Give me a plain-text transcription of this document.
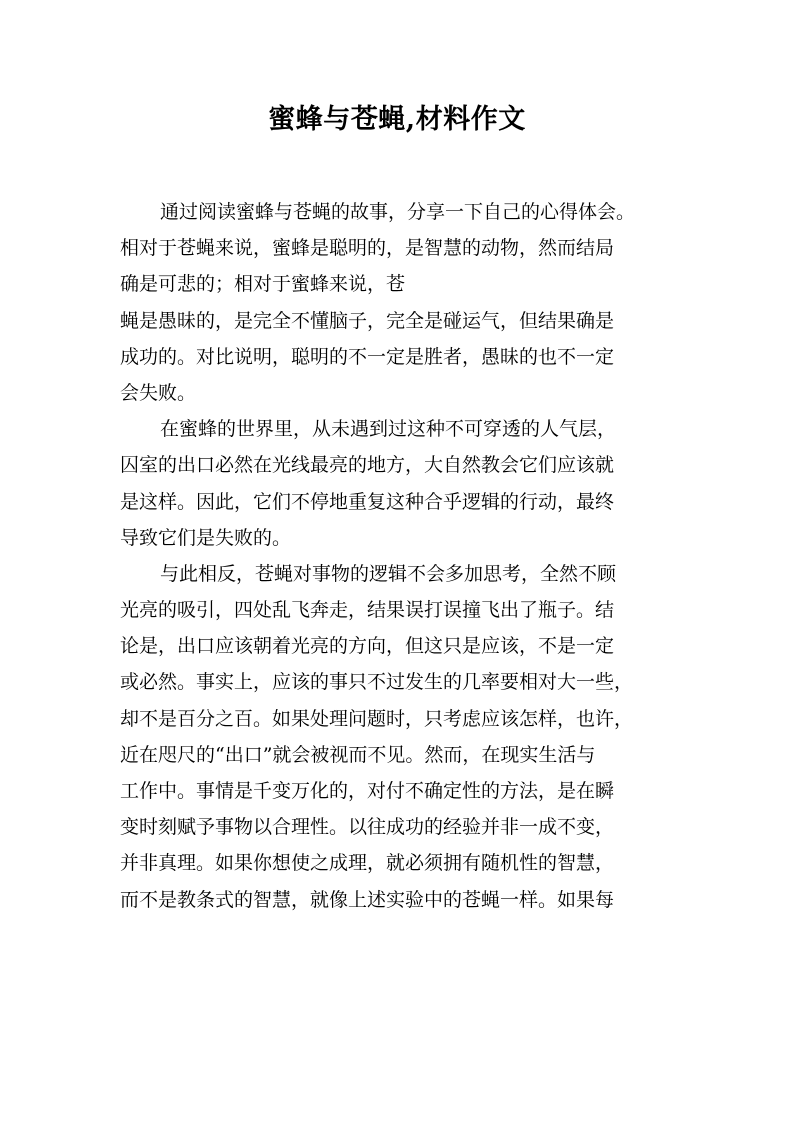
蜜蜂与苍蝇,材料作文
通过阅读蜜蜂与苍蝇的故事，分享一下自己的心得体会。
相对于苍蝇来说，蜜蜂是聪明的，是智慧的动物，然而结局
确是可悲的；相对于蜜蜂来说，苍
蝇是愚昧的，是完全不懂脑子，完全是碰运气，但结果确是
成功的。对比说明，聪明的不一定是胜者，愚昧的也不一定
会失败。
在蜜蜂的世界里，从未遇到过这种不可穿透的人气层，
囚室的出口必然在光线最亮的地方，大自然教会它们应该就
是这样。因此，它们不停地重复这种合乎逻辑的行动，最终
导致它们是失败的。
与此相反，苍蝇对事物的逻辑不会多加思考，全然不顾
光亮的吸引，四处乱飞奔走，结果误打误撞飞出了瓶子。结
论是，出口应该朝着光亮的方向，但这只是应该，不是一定
或必然。事实上，应该的事只不过发生的几率要相对大一些，
却不是百分之百。如果处理问题时，只考虑应该怎样，也许，
近在咫尺的“出口”就会被视而不见。然而，在现实生活与
工作中。事情是千变万化的，对付不确定性的方法，是在瞬
变时刻赋予事物以合理性。以往成功的经验并非一成不变，
并非真理。如果你想使之成理，就必须拥有随机性的智慧，
而不是教条式的智慧，就像上述实验中的苍蝇一样。如果每
